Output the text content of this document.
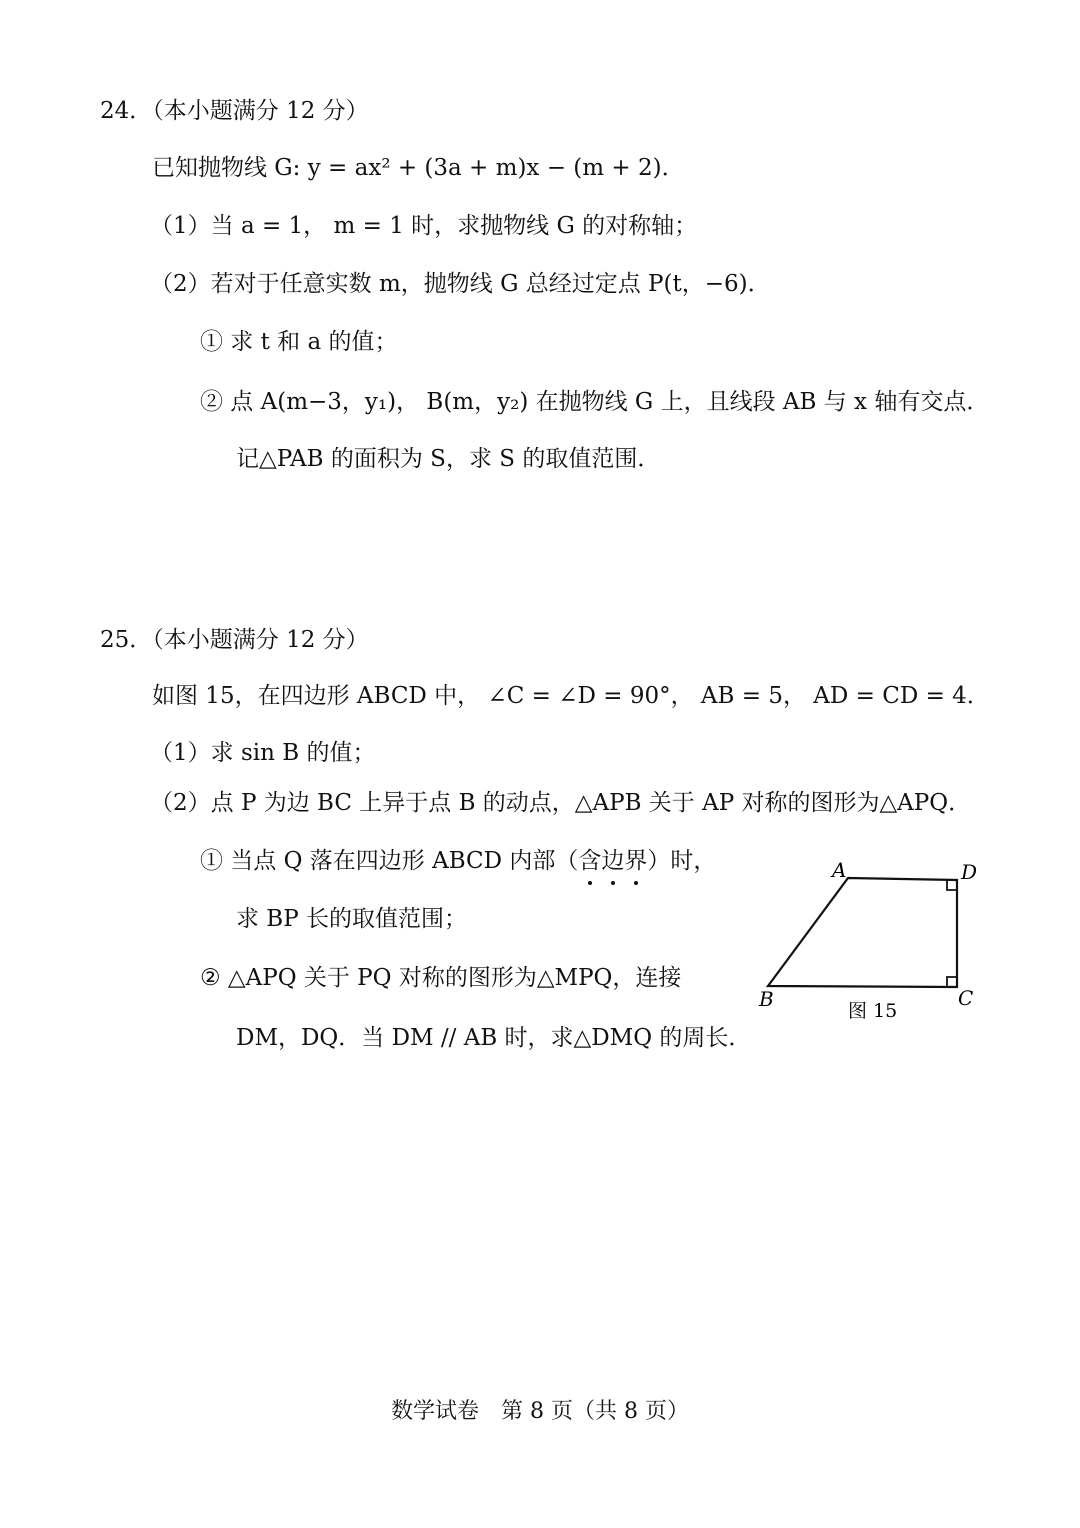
24．（本小题满分 12 分）
已知抛物线 G: y = ax² + (3a + m)x − (m + 2)．
（1）当 a = 1， m = 1 时，求抛物线 G 的对称轴；
（2）若对于任意实数 m，抛物线 G 总经过定点 P(t，−6)．
① 求 t 和 a 的值；
② 点 A(m−3，y₁)， B(m，y₂) 在抛物线 G 上，且线段 AB 与 x 轴有交点．
记△PAB 的面积为 S，求 S 的取值范围．
25．（本小题满分 12 分）
如图 15，在四边形 ABCD 中， ∠C = ∠D = 90°， AB = 5， AD = CD = 4．
（1）求 sin B 的值；
（2）点 P 为边 BC 上异于点 B 的动点，△APB 关于 AP 对称的图形为△APQ．
① 当点 Q 落在四边形 ABCD 内部（含边界）时，
求 BP 长的取值范围；
② △APQ 关于 PQ 对称的图形为△MPQ，连接
DM，DQ．当 DM // AB 时，求△DMQ 的周长．
A	D
B	C
图 15
数学试卷　第 8 页（共 8 页）
